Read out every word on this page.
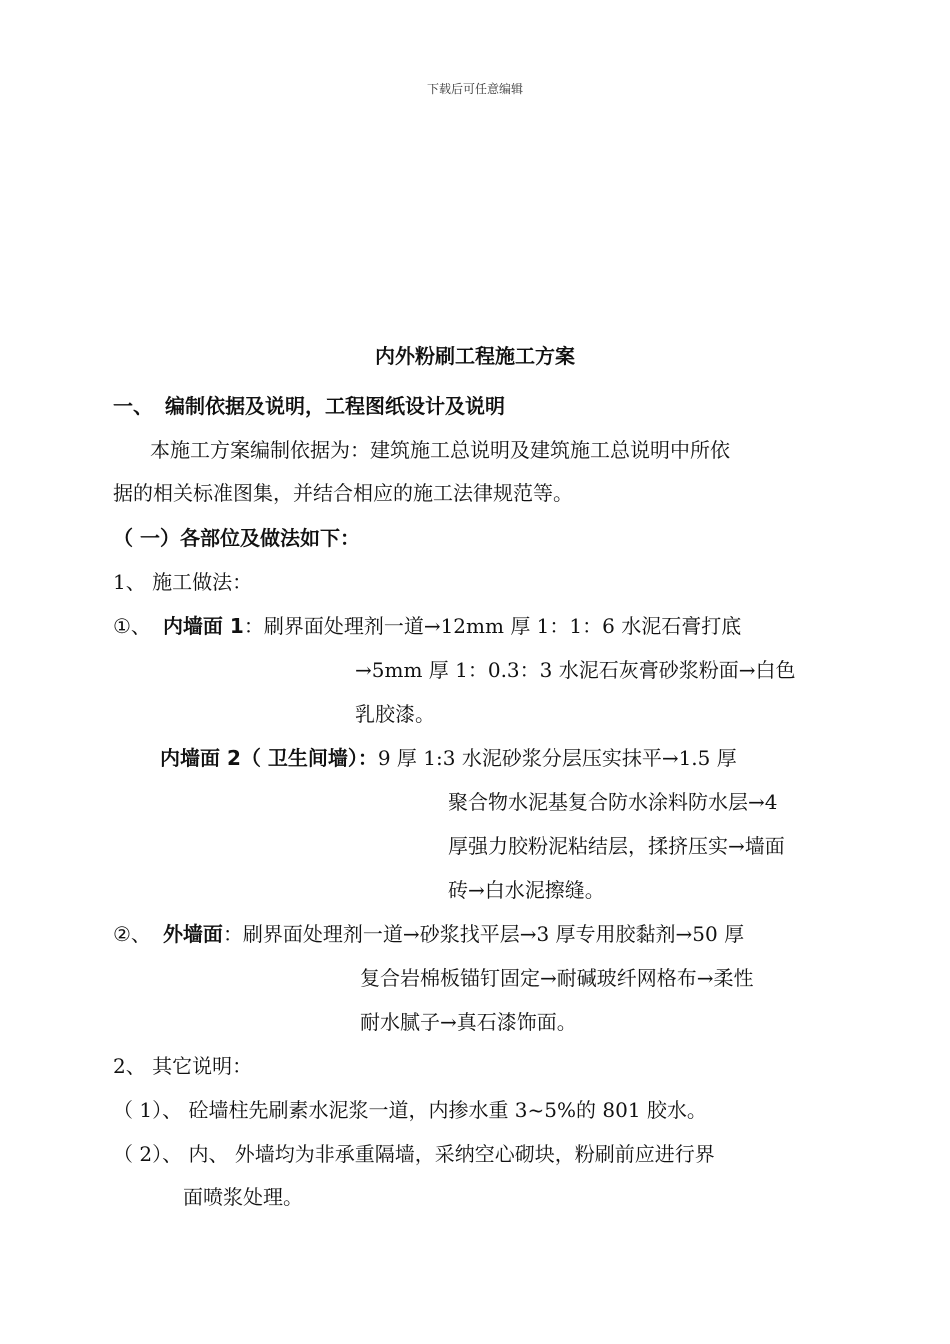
下载后可任意编辑
内外粉刷工程施工方案
一、 编制依据及说明，工程图纸设计及说明
本施工方案编制依据为：建筑施工总说明及建筑施工总说明中所依
据的相关标准图集，并结合相应的施工法律规范等。
（ 一）各部位及做法如下：
1、 施工做法：
①、 内墙面 1：刷界面处理剂一道→12mm 厚 1：1：6 水泥石膏打底
→5mm 厚 1：0.3：3 水泥石灰膏砂浆粉面→白色
乳胶漆。
内墙面 2（ 卫生间墙）：9 厚 1:3 水泥砂浆分层压实抹平→1.5 厚
聚合物水泥基复合防水涂料防水层→4
厚强力胶粉泥粘结层，揉挤压实→墙面
砖→白水泥擦缝。
②、 外墙面：刷界面处理剂一道→砂浆找平层→3 厚专用胶黏剂→50 厚
复合岩棉板锚钉固定→耐碱玻纤网格布→柔性
耐水腻子→真石漆饰面。
2、 其它说明：
（ 1）、 砼墙柱先刷素水泥浆一道，内掺水重 3~5%的 801 胶水。
（ 2）、 内、 外墙均为非承重隔墙，采纳空心砌块，粉刷前应进行界
面喷浆处理。
